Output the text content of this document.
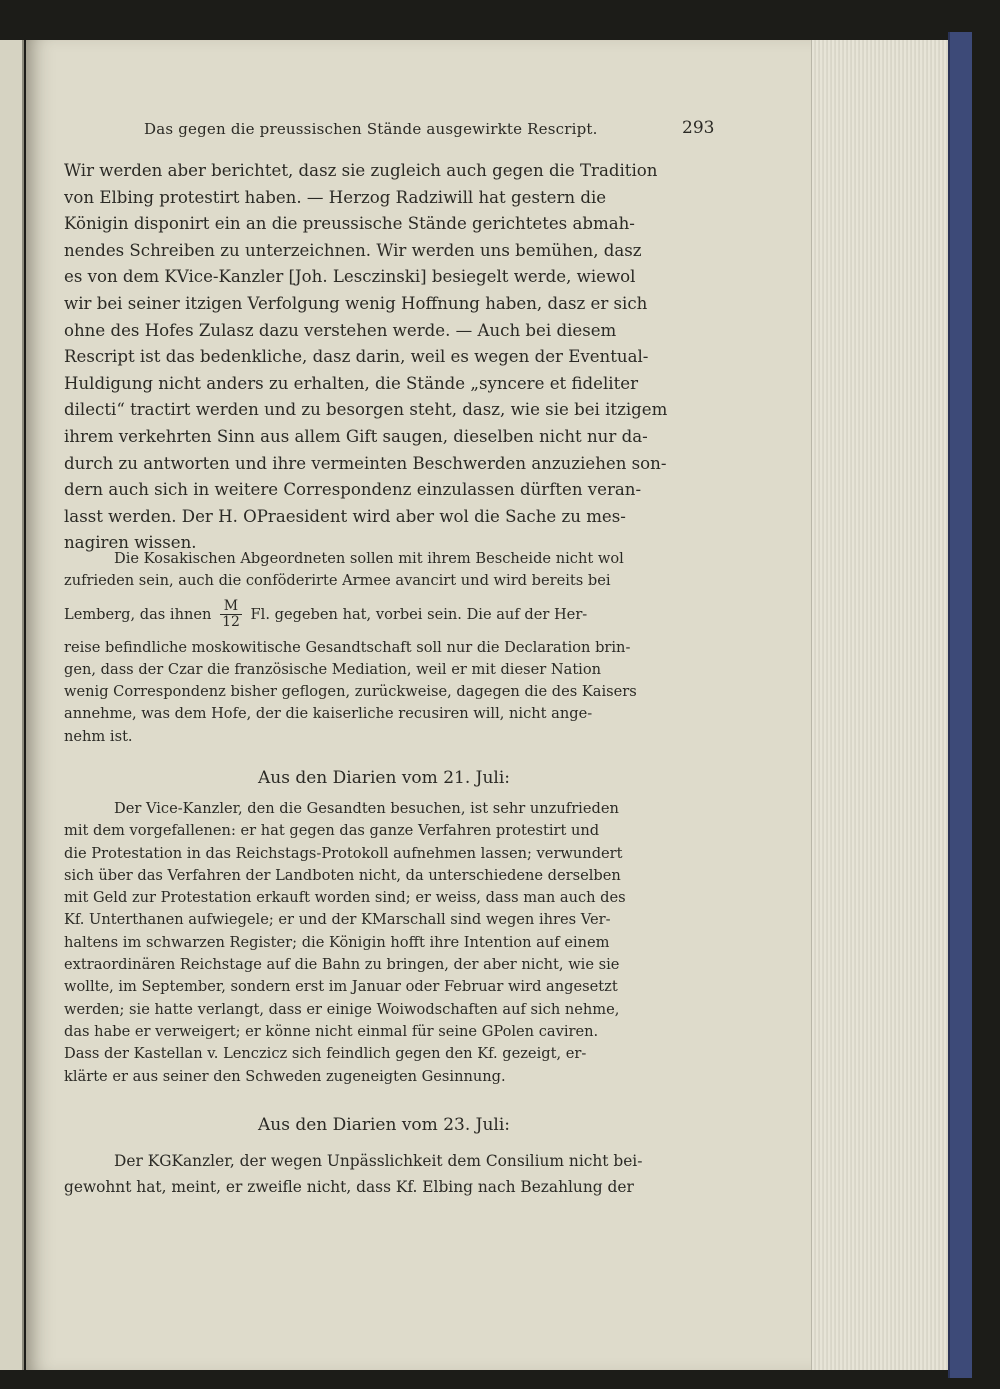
Das gegen die preussischen Stände ausgewirkte Rescript.	293

Wir werden aber berichtet, dasz sie zugleich auch gegen die Tradition
von Elbing protestirt haben. — Herzog Radziwill hat gestern die
Königin disponirt ein an die preussische Stände gerichtetes abmah-
nendes Schreiben zu unterzeichnen. Wir werden uns bemühen, dasz
es von dem KVice-Kanzler [Joh. Lesczinski] besiegelt werde, wiewol
wir bei seiner itzigen Verfolgung wenig Hoffnung haben, dasz er sich
ohne des Hofes Zulasz dazu verstehen werde. — Auch bei diesem
Rescript ist das bedenkliche, dasz darin, weil es wegen der Eventual-
Huldigung nicht anders zu erhalten, die Stände „syncere et fideliter
dilecti“ tractirt werden und zu besorgen steht, dasz, wie sie bei itzigem
ihrem verkehrten Sinn aus allem Gift saugen, dieselben nicht nur da-
durch zu antworten und ihre vermeinten Beschwerden anzuziehen son-
dern auch sich in weitere Correspondenz einzulassen dürften veran-
lasst werden. Der H. OPraesident wird aber wol die Sache zu mes-
nagiren wissen.

Die Kosakischen Abgeordneten sollen mit ihrem Bescheide nicht wol
zufrieden sein, auch die conföderirte Armee avancirt und wird bereits bei
Lemberg, das ihnen $\frac{M}{12} Fl$. gegeben hat, vorbei sein. Die auf der Her-
reise befindliche moskowitische Gesandtschaft soll nur die Declaration brin-
gen, dass der Czar die französische Mediation, weil er mit dieser Nation
wenig Correspondenz bisher geflogen, zurückweise, dagegen die des Kaisers
annehme, was dem Hofe, der die kaiserliche recusiren will, nicht ange-
nehm ist.

Aus den Diarien vom 21. Juli:

Der Vice-Kanzler, den die Gesandten besuchen, ist sehr unzufrieden
mit dem vorgefallenen: er hat gegen das ganze Verfahren protestirt und
die Protestation in das Reichstags-Protokoll aufnehmen lassen; verwundert
sich über das Verfahren der Landboten nicht, da unterschiedene derselben
mit Geld zur Protestation erkauft worden sind; er weiss, dass man auch des
Kf. Unterthanen aufwiegele; er und der KMarschall sind wegen ihres Ver-
haltens im schwarzen Register; die Königin hofft ihre Intention auf einem
extraordinären Reichstage auf die Bahn zu bringen, der aber nicht, wie sie
wollte, im September, sondern erst im Januar oder Februar wird angesetzt
werden; sie hatte verlangt, dass er einige Woiwodschaften auf sich nehme,
das habe er verweigert; er könne nicht einmal für seine GPolen caviren.
Dass der Kastellan v. Lenczicz sich feindlich gegen den Kf. gezeigt, er-
klärte er aus seiner den Schweden zugeneigten Gesinnung.

Aus den Diarien vom 23. Juli:

Der KGKanzler, der wegen Unpässlichkeit dem Consilium nicht bei-
gewohnt hat, meint, er zweifle nicht, dass Kf. Elbing nach Bezahlung der
